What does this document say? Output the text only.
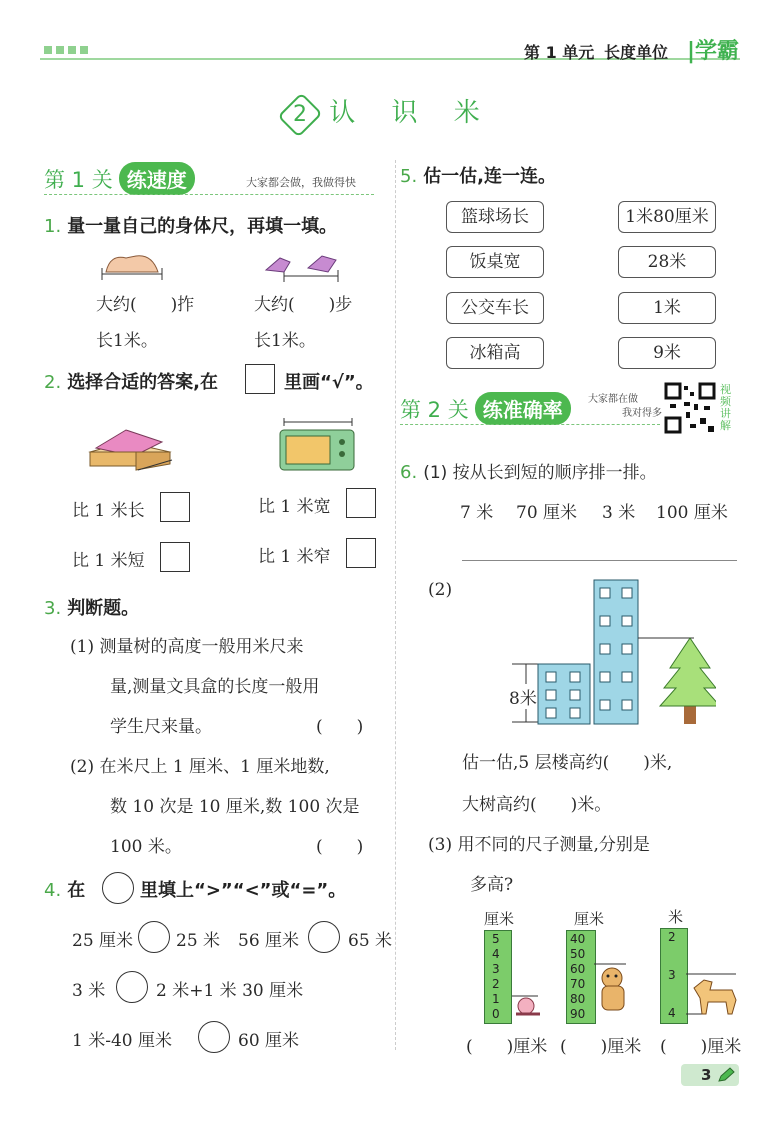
第 1 单元 长度单位 |学霸
2 认 识 米
第 1 关 练速度	大家都会做，我做得快
1. 量一量自己的身体尺，再填一填。
大约(　　)拃
长1米。
大约(　　)步
长1米。
2. 选择合适的答案,在	里画“√”。
比 1 米长	比 1 米宽
比 1 米短	比 1 米窄
3. 判断题。
(1) 测量树的高度一般用米尺来
量,测量文具盒的长度一般用
学生尺来量。	(　　)
(2) 在米尺上 1 厘米、1 厘米地数,
数 10 次是 10 厘米,数 100 次是
100 米。	(　　)
4. 在	里填上“>”“<”或“=”。
25 厘米	25 米 56 厘米	65 米
3 米	2 米+1 米 30 厘米
1 米-40 厘米	60 厘米
5. 估一估,连一连。
篮球场长
饭桌宽
公交车长
冰箱高
1米80厘米
28米
1米
9米
第 2 关 练准确率	大家都在做
我对得多
视频讲解
6. (1) 按从长到短的顺序排一排。
7 米 70 厘米 3 米 100 厘米
(2)
8米
估一估,5 层楼高约(　　)米,
大树高约(　　)米。
(3) 用不同的尺子测量,分别是
多高?
厘米
5
4
3
2
1
0
厘米
40
50
60
70
80
90
米
2
3
4
(　　)厘米 (　　)厘米 (　　)厘米
3
